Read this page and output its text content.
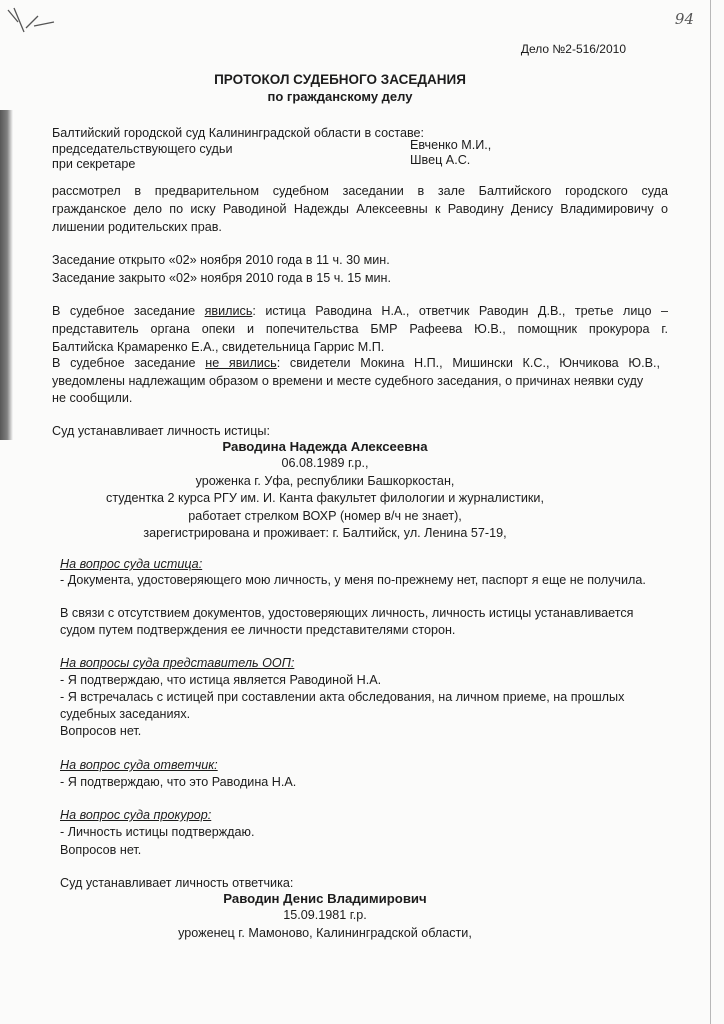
94
Дело №2-516/2010
ПРОТОКОЛ СУДЕБНОГО ЗАСЕДАНИЯ
по гражданскому делу
Балтийский городской суд Калининградской области в составе:
председательствующего судьи	Евченко М.И.,
при секретаре	Швец А.С.
рассмотрел в предварительном судебном заседании в зале Балтийского городского суда
гражданское дело по иску Раводиной Надежды Алексеевны к Раводину Денису Владимировичу о
лишении родительских прав.
Заседание открыто «02» ноября 2010 года в 11 ч. 30 мин.
Заседание закрыто «02» ноября 2010 года в 15 ч. 15 мин.
В судебное заседание явились: истица Раводина Н.А., ответчик Раводин Д.В., третье лицо –
представитель органа опеки и попечительства БМР Рафеева Ю.В., помощник прокурора г.
Балтийска Крамаренко Е.А., свидетельница Гаррис М.П.
В судебное заседание не явились: свидетели Мокина Н.П., Мишински К.С., Юнчикова Ю.В.,
уведомлены надлежащим образом о времени и месте судебного заседания, о причинах неявки суду
не сообщили.
Суд устанавливает личность истицы:
Раводина Надежда Алексеевна
06.08.1989 г.р.,
уроженка г. Уфа, республики Башкоркостан,
студентка 2 курса РГУ им. И. Канта факультет филологии и журналистики,
работает стрелком ВОХР (номер в/ч не знает),
зарегистрирована и проживает: г. Балтийск, ул. Ленина 57-19,
На вопрос суда истица:
- Документа, удостоверяющего мою личность, у меня по-прежнему нет, паспорт я еще не получила.
В связи с отсутствием документов, удостоверяющих личность, личность истицы устанавливается
судом путем подтверждения ее личности представителями сторон.
На вопросы суда представитель ООП:
- Я подтверждаю, что истица является Раводиной Н.А.
- Я встречалась с истицей при составлении акта обследования, на личном приеме, на прошлых
судебных заседаниях.
Вопросов нет.
На вопрос суда ответчик:
- Я подтверждаю, что это Раводина Н.А.
На вопрос суда прокурор:
- Личность истицы подтверждаю.
Вопросов нет.
Суд устанавливает личность ответчика:
Раводин Денис Владимирович
15.09.1981 г.р.
уроженец г. Мамоново, Калининградской области,
